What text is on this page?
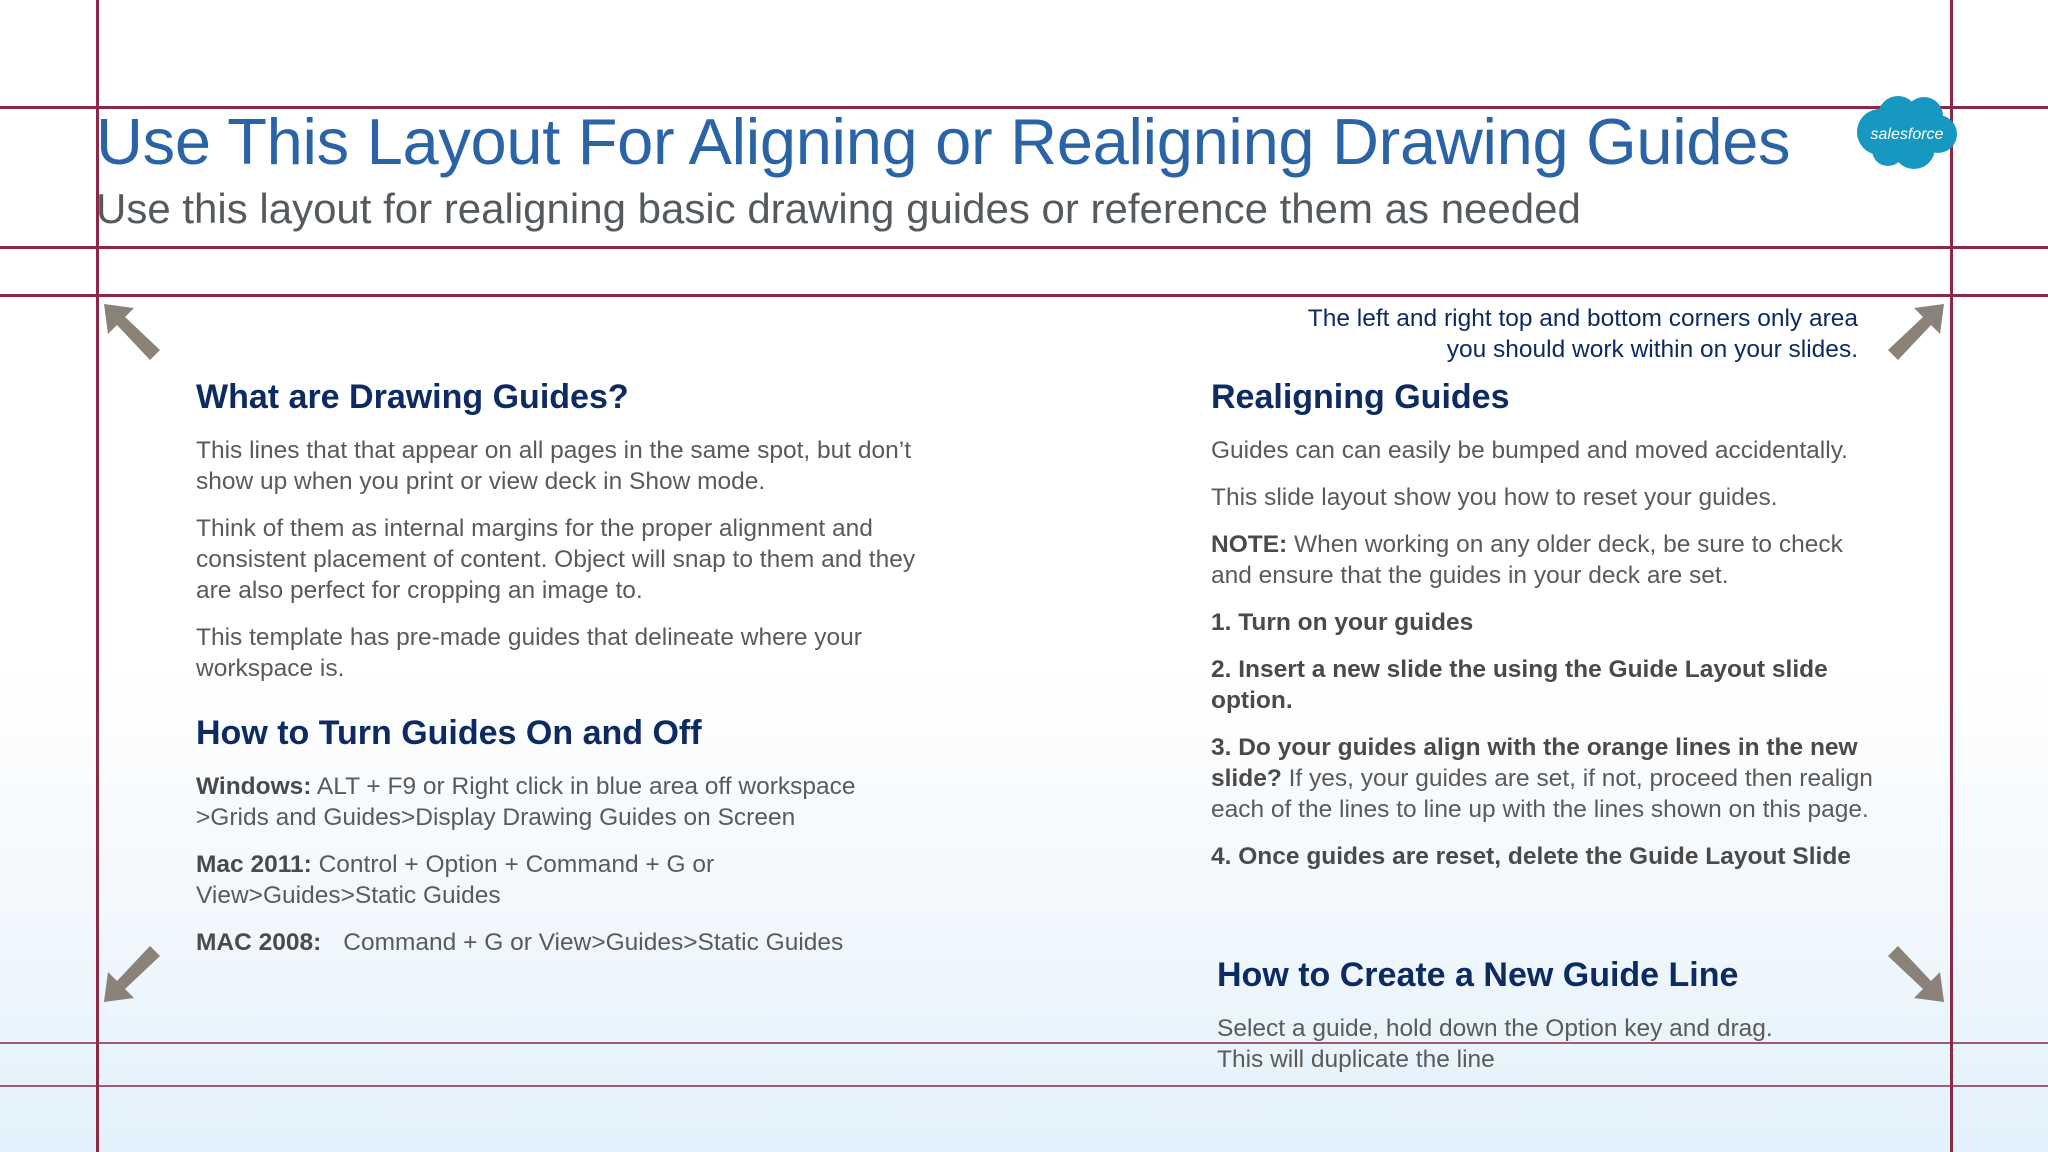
Use This Layout For Aligning or Realigning Drawing Guides
Use this layout for realigning basic drawing guides or reference them as needed
salesforce

The left and right top and bottom corners only area

you should work within on your slides.

What are Drawing Guides?

This lines that that appear on all pages in the same spot, but don’t

show up when you print or view deck in Show mode.

Think of them as internal margins for the proper alignment and

consistent placement of content. Object will snap to them and they

are also perfect for cropping an image to.

This template has pre-made guides that delineate where your

workspace is.

How to Turn Guides On and Off

Windows: ALT + F9 or Right click in blue area off workspace

>Grids and Guides>Display Drawing Guides on Screen

Mac 2011: Control + Option + Command + G or

View>Guides>Static Guides

MAC 2008: Command + G or View>Guides>Static Guides

Realigning Guides

Guides can can easily be bumped and moved accidentally.

This slide layout show you how to reset your guides.

NOTE: When working on any older deck, be sure to check

and ensure that the guides in your deck are set.

1. Turn on your guides

2. Insert a new slide the using the Guide Layout slide

option.

3. Do your guides align with the orange lines in the new

slide? If yes, your guides are set, if not, proceed then realign

each of the lines to line up with the lines shown on this page.

4. Once guides are reset, delete the Guide Layout Slide

How to Create a New Guide Line

Select a guide, hold down the Option key and drag.

This will duplicate the line
